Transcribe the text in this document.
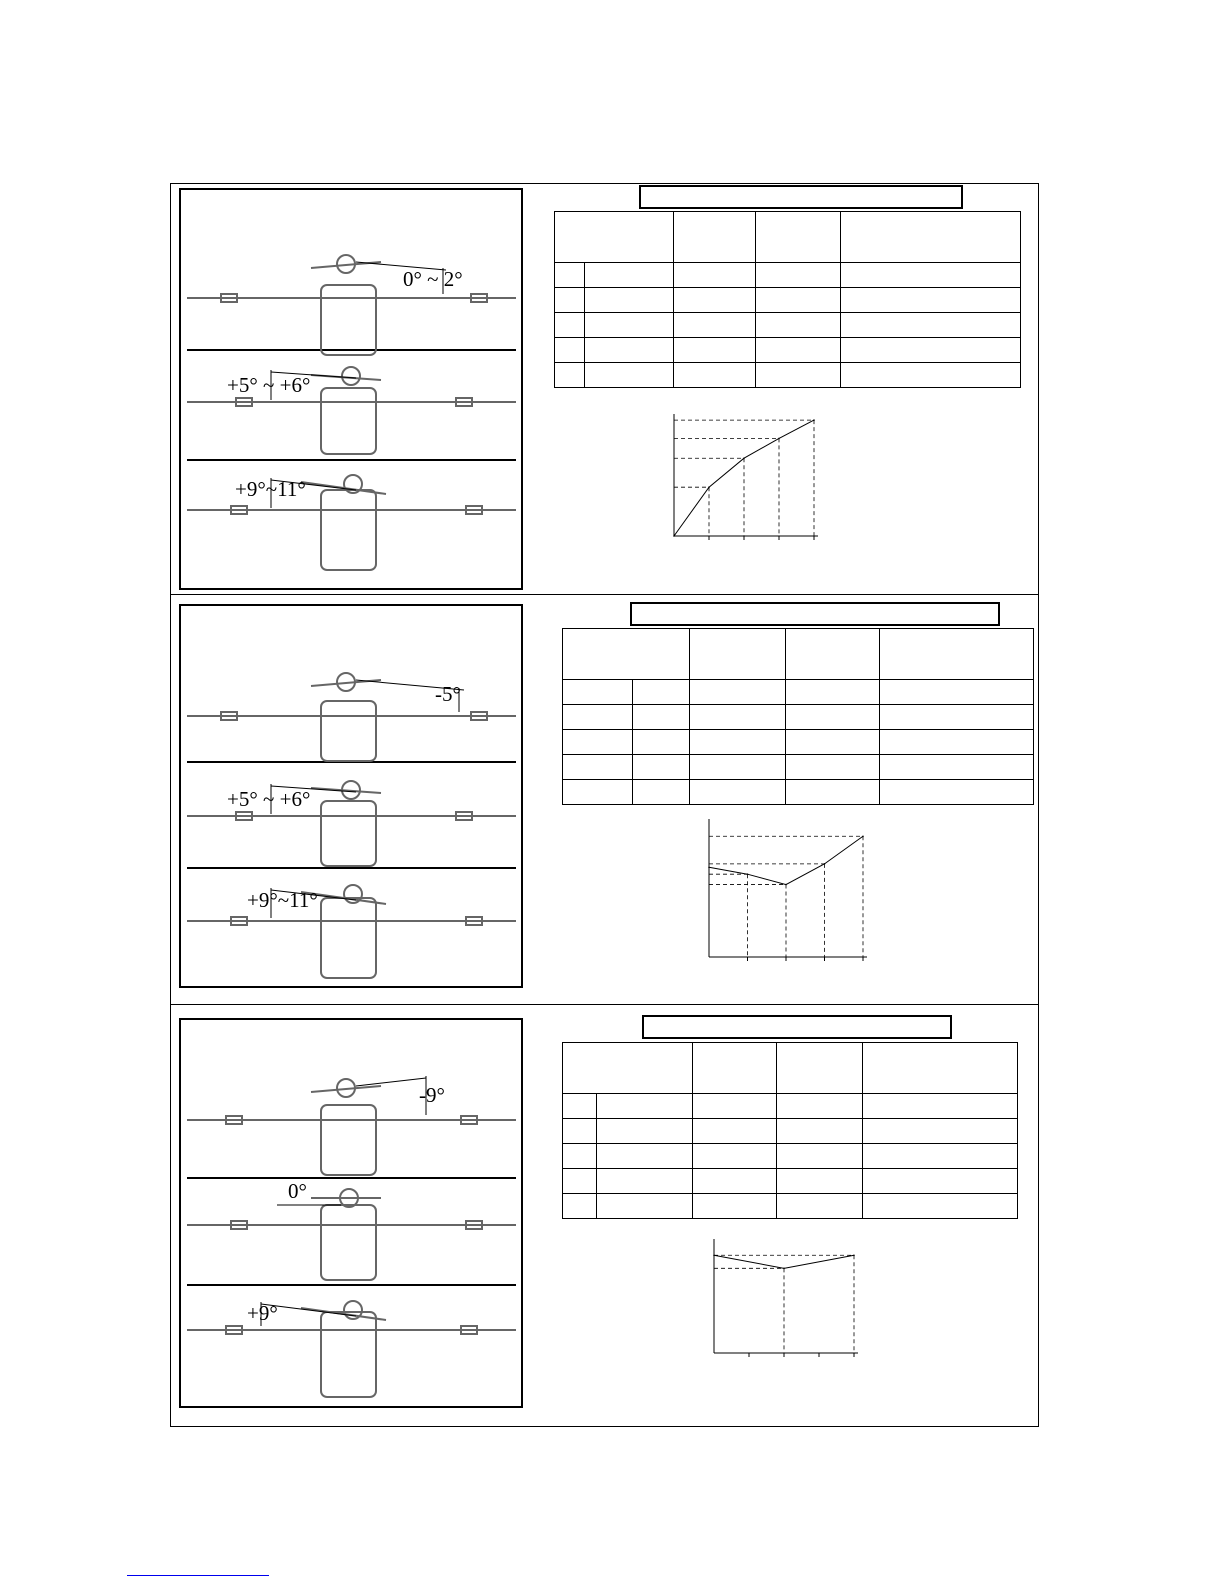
0° ~ 2°
+5° ~ +6°
+9°~11°

-5°
+5° ~ +6°
+9°~11°

-9°
0°
+9°
